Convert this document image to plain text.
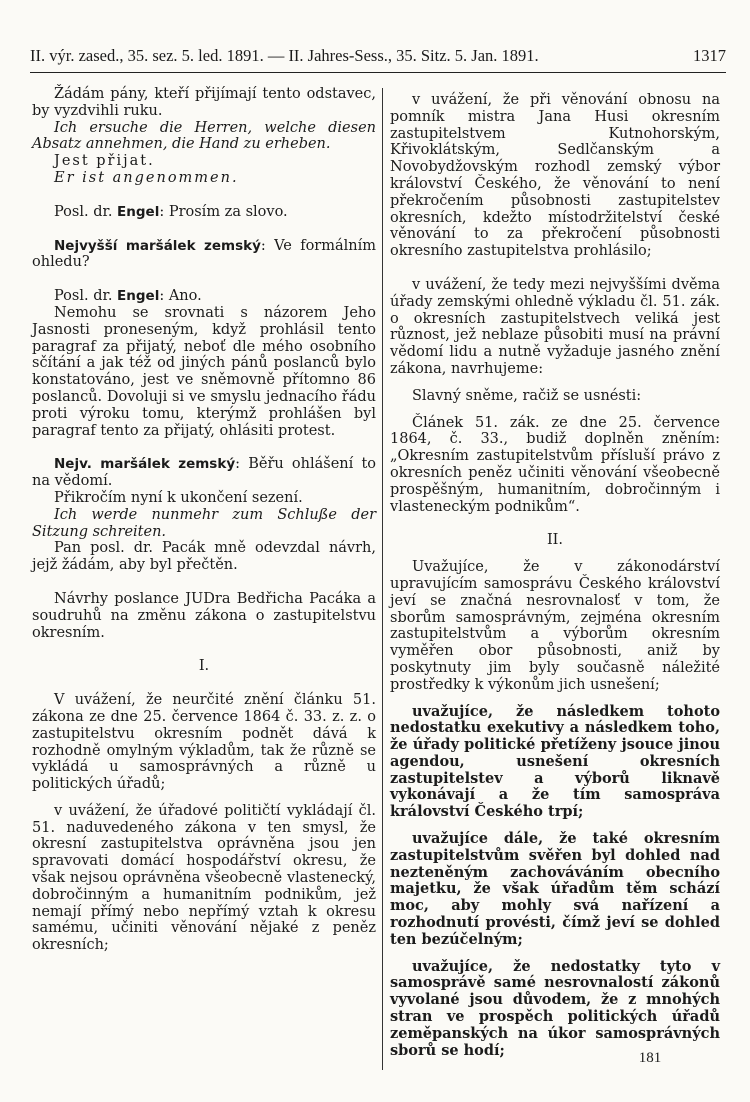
II. výr. zased., 35. sez. 5. led. 1891. — II. Jahres-Sess., 35. Sitz. 5. Jan. 1891.	1317

Žádám pány, kteří přijímají tento odstavec, by vyzdvihli ruku.

Ich ersuche die Herren, welche diesen Absatz annehmen, die Hand zu erheben.

Jest přijat.

Er ist angenommen.

Posl. dr. Engel: Prosím za slovo.

Nejvyšší maršálek zemský: Ve formálním ohledu?

Posl. dr. Engel: Ano.

Nemohu se srovnati s názorem Jeho Jasnosti proneseným, když prohlásil tento paragraf za přijatý, neboť dle mého osobního sčítání a jak též od jiných pánů poslanců bylo konstatováno, jest ve sněmovně přítomno 86 poslanců. Dovoluji si ve smyslu jednacího řádu proti výroku tomu, kterýmž prohlášen byl paragraf tento za přijatý, ohlásiti protest.

Nejv. maršálek zemský: Běřu ohlášení to na vědomí.

Přikročím nyní k ukončení sezení.

Ich werde nunmehr zum Schluße der Sitzung schreiten.

Pan posl. dr. Pacák mně odevzdal návrh, jejž žádám, aby byl přečtěn.

Návrhy poslance JUDra Bedřicha Pacáka a soudruhů na změnu zákona o zastupitelstvu okresním.

I.

V uvážení, že neurčité znění článku 51. zákona ze dne 25. července 1864 č. 33. z. z. o zastupitelstvu okresním podnět dává k rozhodně omylným výkladům, tak že různě se vykládá u samosprávných a různě u politických úřadů;

v uvážení, že úřadové političtí vykládají čl. 51. naduvedeného zákona v ten smysl, že okresní zastupitelstva oprávněna jsou jen spravovati domácí hospodářství okresu, že však nejsou oprávněna všeobecně vlastenecký, dobročinným a humanitním podnikům, jež nemají přímý nebo nepřímý vztah k okresu samému, učiniti věnování nějaké z peněz okresních;

v uvážení, že při věnování obnosu na pomník mistra Jana Husi okresním zastupitelstvem Kutnohorským, Křivoklátským, Sedlčanským a Novobydžovským rozhodl zemský výbor království Českého, že věnování to není překročením působnosti zastupitelstev okresních, kdežto místodržitelství české věnování to za překročení působnosti okresního zastupitelstva prohlásilo;

v uvážení, že tedy mezi nejvyššími dvěma úřady zemskými ohledně výkladu čl. 51. zák. o okresních zastupitelstvech veliká jest různost, jež neblaze působiti musí na právní vědomí lidu a nutně vyžaduje jasného znění zákona, navrhujeme:

Slavný sněme, račiž se usnésti:

Článek 51. zák. ze dne 25. července 1864, č. 33., budiž doplněn zněním: „Okresním zastupitelstvům přísluší právo z okresních peněz učiniti věnování všeobecně prospěšným, humanitním, dobročinným i vlasteneckým podnikům“.

II.

Uvažujíce, že v zákonodárství upravujícím samosprávu Českého království jeví se značná nesrovnalosť v tom, že sborům samosprávným, zejména okresním zastupitelstvům a výborům okresním vyměřen obor působnosti, aniž by poskytnuty jim byly současně náležité prostředky k výkonům jich usnešení;

uvažujíce, že následkem tohoto nedostatku exekutivy a následkem toho, že úřady politické přetíženy jsouce jinou agendou, usnešení okresních zastupitelstev a výborů liknavě vykonávají a že tím samospráva království Českého trpí;

uvažujíce dále, že také okresním zastupitelstvům svěřen byl dohled nad nezteněným zachováváním obecního majetku, že však úřadům těm schází moc, aby mohly svá nařízení a rozhodnutí provésti, čímž jeví se dohled ten bezúčelným;

uvažujíce, že nedostatky tyto v samosprávě samé nesrovnalostí zákonů vyvolané jsou důvodem, že z mnohých stran ve prospěch politických úřadů zeměpanských na úkor samosprávných sborů se hodí;	181
